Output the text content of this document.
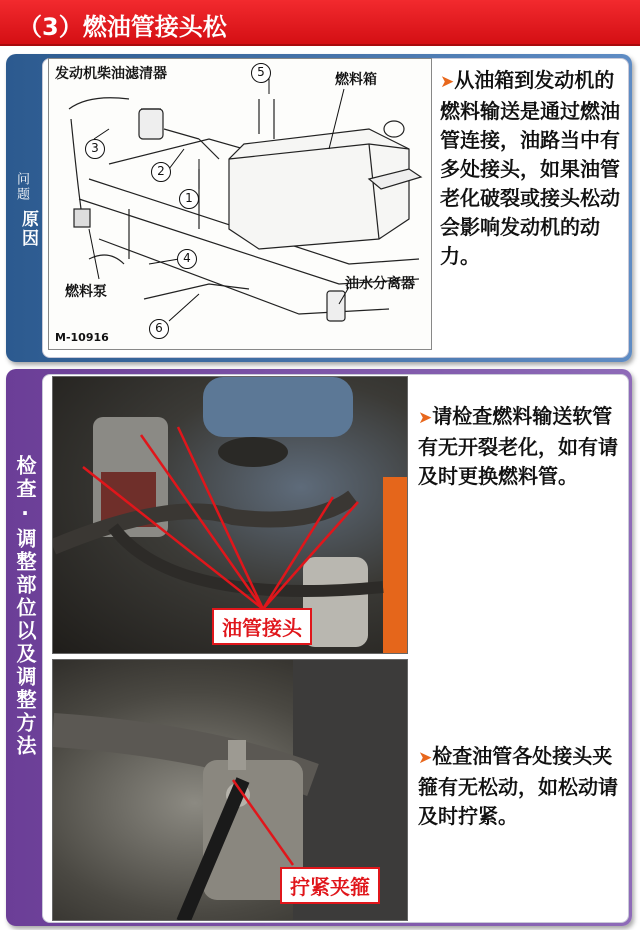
（3）燃油管接头松
问题
原因
发动机柴油滤清器	燃料箱
燃料泵	油水分离器
M-10916
3
2
1
4
5
6
➤从油箱到发动机的燃料输送是通过燃油管连接，油路当中有多处接头，如果油管老化破裂或接头松动会影响发动机的动力。
检查·调整部位以及调整方法	油管接头
拧紧夹箍
➤请检查燃料输送软管有无开裂老化，如有请及时更换燃料管。
➤检查油管各处接头夹箍有无松动，如松动请及时拧紧。
